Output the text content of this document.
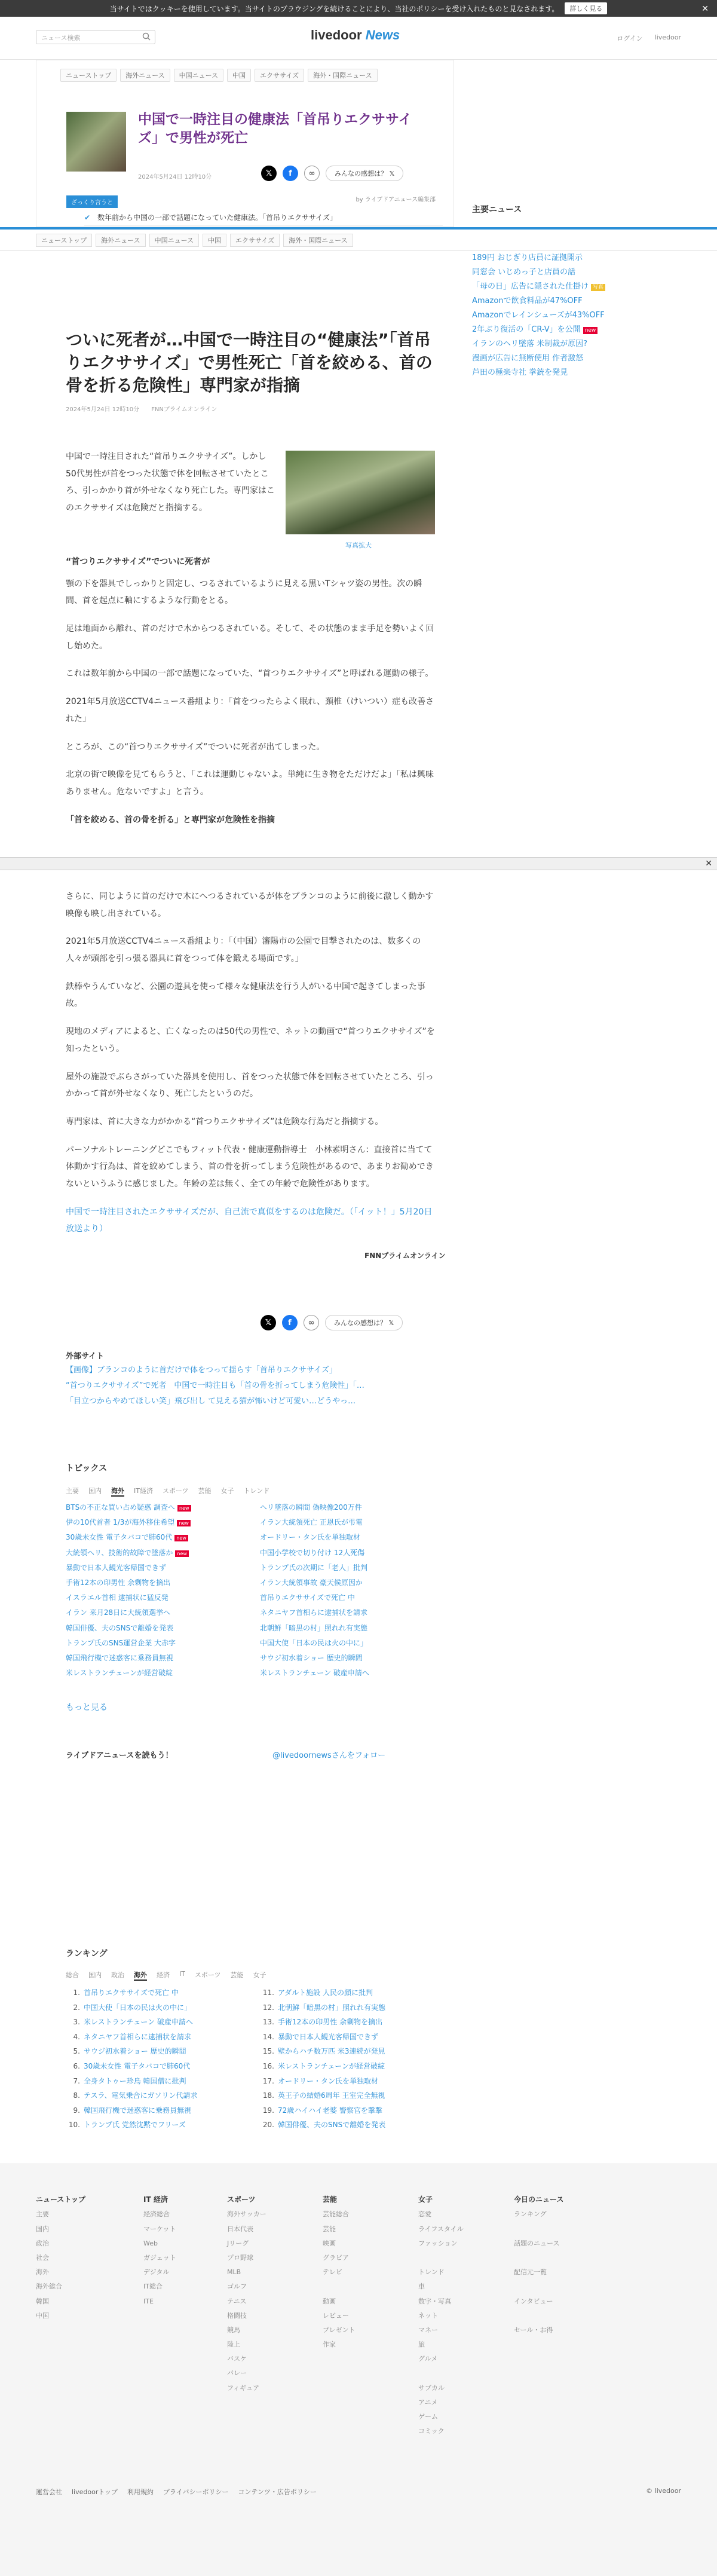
当サイトではクッキーを使用しています。当サイトのブラウジングを続けることにより、当社のポリシーを受け入れたものと見なされます。	詳しく見る	✕
ニュース検索	livedoor News	ログイン livedoor
ニューストップ	海外ニュース	中国ニュース	中国	エクササイズ	海外・国際ニュース
中国で一時注目の健康法「首吊りエクササイズ」で男性が死亡
2024年5月24日 12時10分	𝕏	f	∞	みんなの感想は？ 𝕏
ざっくり言うと	by ライブドアニュース編集部
✔ 数年前から中国の一部で話題になっていた健康法。「首吊りエクササイズ」
✔
主要ニュース
189円 おじぎり店員に証拠開示
同窓会 いじめっ子と店員の話
「母の日」広告に隠された仕掛け 写真
Amazonで飲食料品が47%OFF
Amazonでレインシューズが43%OFF
2年ぶり復活の「CR-V」を公開 new
イランのヘリ墜落 米制裁が原因?
漫画が広告に無断使用 作者激怒
芦田の極楽寺社 拳銃を発見
ニューストップ	海外ニュース	中国ニュース	中国	エクササイズ	海外・国際ニュース
ついに死者が…中国で一時注目の“健康法”「首吊りエクササイズ」で男性死亡「首を絞める、首の骨を折る危険性」専門家が指摘
2024年5月24日 12時10分　　FNNプライムオンライン
中国で一時注目された“首吊りエクササイズ”。しかし50代男性が首をつった状態で体を回転させていたところ、引っかかり首が外せなくなり死亡した。専門家はこのエクササイズは危険だと指摘する。
写真拡大
“首つりエクササイズ”でついに死者が

顎の下を器具でしっかりと固定し、つるされているように見える黒いTシャツ姿の男性。次の瞬間、首を起点に軸にするような行動をとる。

足は地面から離れ、首のだけで木からつるされている。そして、その状態のまま手足を勢いよく回し始めた。

これは数年前から中国の一部で話題になっていた、“首つりエクササイズ”と呼ばれる運動の様子。

2021年5月放送CCTV4ニュース番組より：「首をつったらよく眠れ、頚椎（けいつい）症も改善された」

ところが、この“首つりエクササイズ”でついに死者が出てしまった。

北京の街で映像を見てもらうと、「これは運動じゃないよ。単純に生き物をただけだよ」「私は興味ありません。危ないですよ」と言う。

「首を絞める、首の骨を折る」と専門家が危険性を指摘
✕

さらに、同じように首のだけで木にへつるされているが体をブランコのように前後に激しく動かす映像も映し出されている。

2021年5月放送CCTV4ニュース番組より：「（中国）瀋陽市の公園で目撃されたのは、数多くの人々が頭部を引っ張る器具に首をつって体を鍛える場面です。」

鉄棒やうんていなど、公園の遊具を使って様々な健康法を行う人がいる中国で起きてしまった事故。

現地のメディアによると、亡くなったのは50代の男性で、ネットの動画で“首つりエクササイズ”を知ったという。

屋外の施設でぶらさがっていた器具を使用し、首をつった状態で体を回転させていたところ、引っかかって首が外せなくなり、死亡したというのだ。

専門家は、首に大きな力がかかる“首つりエクササイズ”は危険な行為だと指摘する。

パーソナルトレーニングどこでもフィット代表・健康運動指導士　小林素明さん：直接首に当てて体動かす行為は、首を絞めてしまう、首の骨を折ってしまう危険性があるので、あまりお勧めできないというふうに感じました。年齢の差は無く、全ての年齢で危険性があります。

中国で一時注目されたエクササイズだが、自己流で真似をするのは危険だ。（「イット！」5月20日放送より）

FNNプライムオンライン
𝕏	f	∞	みんなの感想は？ 𝕏
外部サイト
【画像】ブランコのように首だけで体をつって揺らす「首吊りエクササイズ」
“首つりエクササイズ”で死者　中国で一時注目も「首の骨を折ってしまう危険性」「…
「目立つからやめてほしい笑」飛び出し て見える猫が怖いけど可愛い…どうやっ…
トピックス
主要 国内 海外 IT経済 スポーツ 芸能 女子 トレンド
BTSの不正な買い占め疑惑 調査へ new	ヘリ墜落の瞬間 偽映像200万件
伊の10代首者 1/3が海外移住希望 new	イラン大統領死亡 正恩氏が弔電
30歳未女性 電子タバコで肺60代 new	オードリー・タン氏を単独取材
大統領ヘリ、技術的故障で墜落か new	中国小学校で切り付け 12人死傷
暴動で日本人観光客帰国できず	トランプ氏の次期に「老人」批判
手術12本の印男性 余剰物を摘出	イラン大統領事故 豪天候原因か
イスラエル首相 逮捕状に猛反発	首吊りエクササイズで死亡 中
イラン 来月28日に大統領選挙へ	ネタニヤフ首相らに逮捕状を請求
韓国俳優、夫のSNSで離婚を発表	北朝鮮「暗黒の村」照れれ有実態
トランプ氏のSNS運営企業 大赤字	中国大使「日本の民は火の中に」
韓国飛行機で迷惑客に乗務員無視	サウジ初水着ショー 歴史的瞬間
米レストランチェーンが経営破綻	米レストランチェーン 破産申請へ
もっと見る
ライブドアニュースを読もう！	@livedoornewsさんをフォロー
ランキング
総合 国内 政治 海外 経済 IT スポーツ 芸能 女子
1. 首吊りエクササイズで死亡 中	11. アダルト施設 人民の顔に批判
2. 中国大使「日本の民は火の中に」	12. 北朝鮮「暗黒の村」照れれ有実態
3. 米レストランチェーン 破産申請へ	13. 手術12本の印男性 余剰物を摘出
4. ネタニヤフ首相らに逮捕状を請求	14. 暴動で日本人観光客帰国できず
5. サウジ初水着ショー 歴史的瞬間	15. 壁からハチ数万匹 米3連続が発見
6. 30歳未女性 電子タバコで肺60代	16. 米レストランチェーンが経営破綻
7. 全身タトゥー珍鳥 韓国僧に批判	17. オードリー・タン氏を単独取材
8. テスラ、電気乗合にガソリン代請求	18. 英王子の結婚6周年 王室完全無視
9. 韓国飛行機で迷惑客に乗務員無視	19. 72歳ハイハイ老婆 警察官を撃撃
10. トランプ氏 党然沈黙でフリーズ	20. 韓国俳優、夫のSNSで離婚を発表
ニューストップ
主要
国内
政治
社会
海外
海外総合
韓国
中国
IT 経済
経済総合
マーケット
Web
ガジェット
デジタル
IT総合
ITE
スポーツ
海外サッカー
日本代表
Jリーグ
プロ野球
MLB
ゴルフ
テニス
格闘技
競馬
陸上
バスケ
バレー
フィギュア
芸能
芸能総合
芸能
映画
グラビア
テレビ

動画
レビュー
プレゼント
作家
女子
恋愛
ライフスタイル
ファッション

トレンド
車
数字・写真
ネット
マネー
旅
グルメ

サブカル
アニメ
ゲーム
コミック
今日のニュース
ランキング

話題のニュース

配信元一覧

インタビュー

セール・お得
運営会社 livedoorトップ 利用規約 プライバシーポリシー コンテンツ・広告ポリシー	© livedoor
